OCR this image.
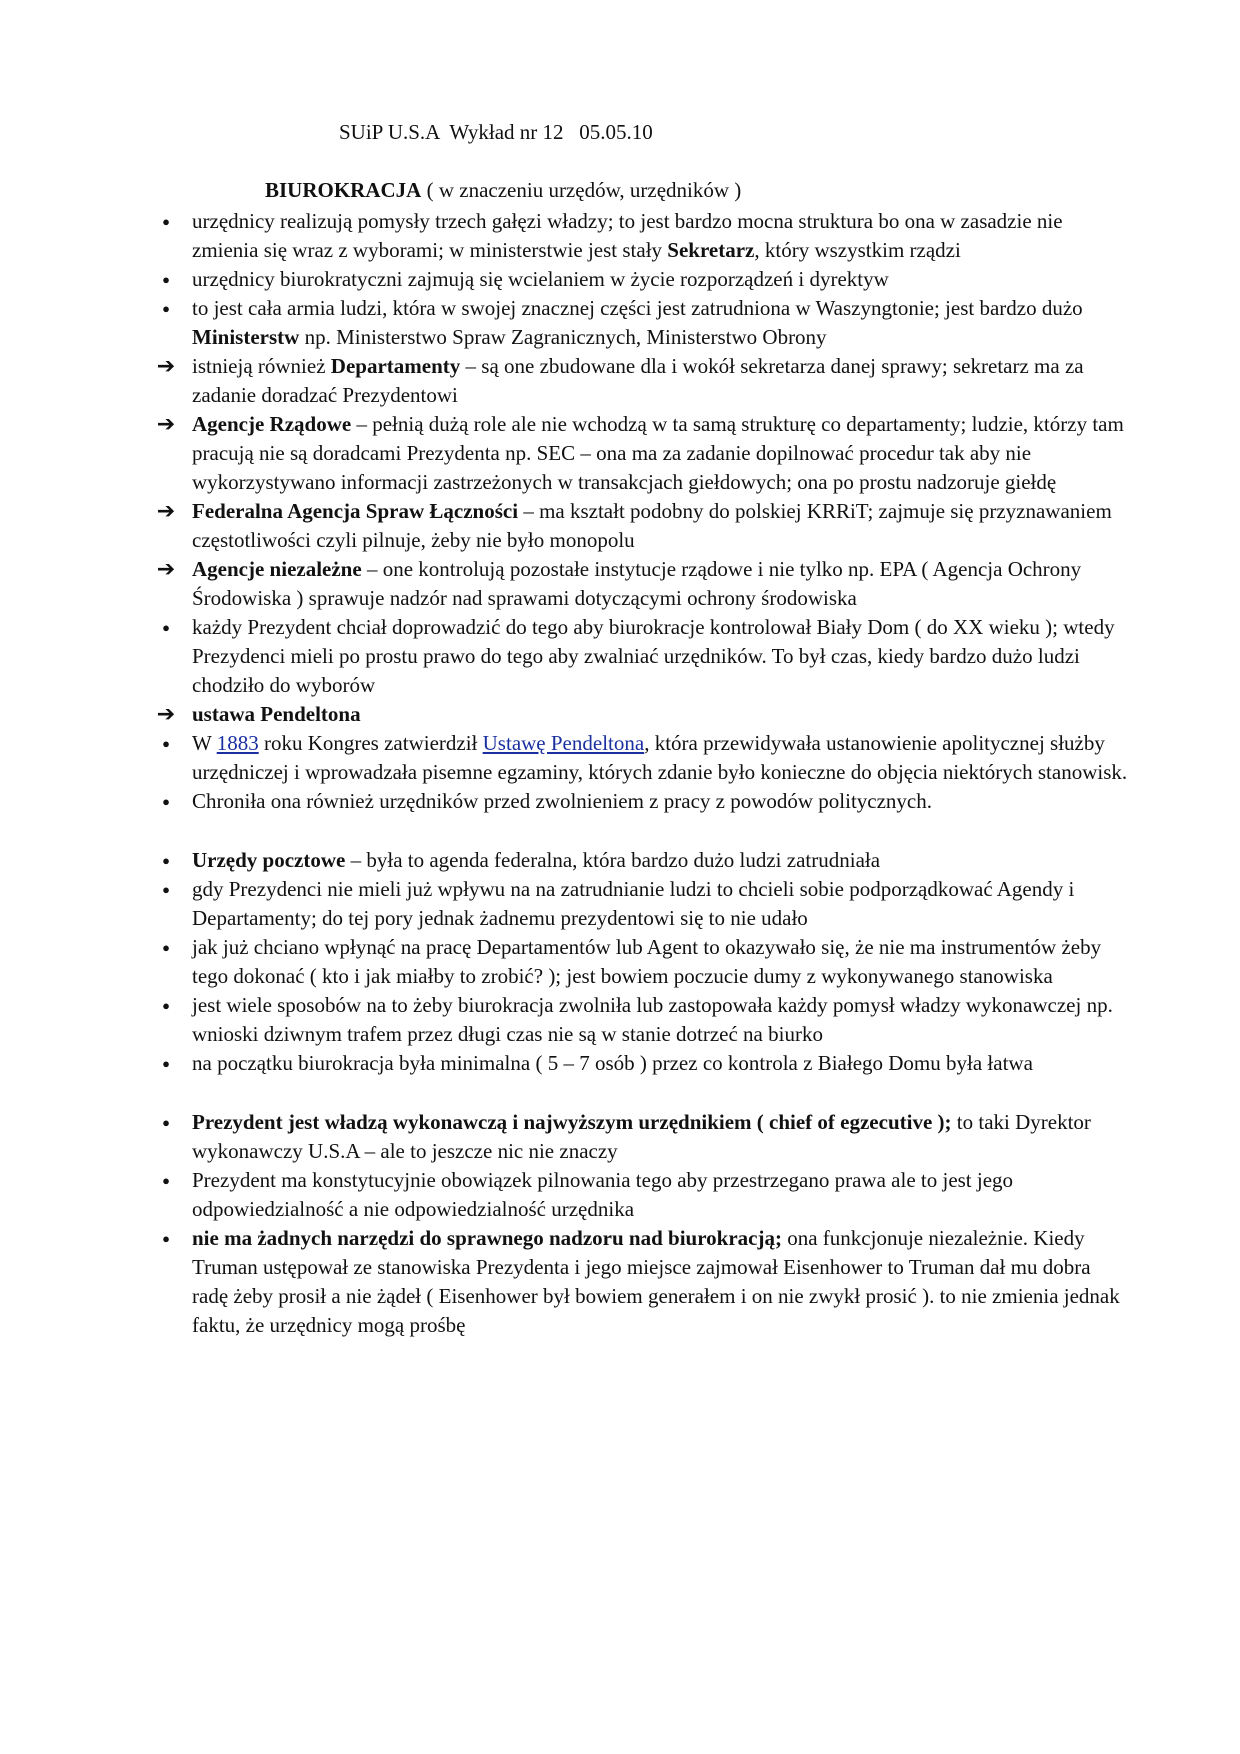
SUiP U.S.A Wykład nr 12 05.05.10
BIUROKRACJA ( w znaczeniu urzędów, urzędników )
●
urzędnicy realizują pomysły trzech gałęzi władzy; to jest bardzo mocna struktura bo ona w zasadzie nie zmienia się wraz z wyborami; w ministerstwie jest stały Sekretarz, który wszystkim rządzi
●
urzędnicy biurokratyczni zajmują się wcielaniem w życie rozporządzeń i dyrektyw
●
to jest cała armia ludzi, która w swojej znacznej części jest zatrudniona w Waszyngtonie; jest bardzo dużo Ministerstw np. Ministerstwo Spraw Zagranicznych, Ministerstwo Obrony
➔
istnieją również Departamenty – są one zbudowane dla i wokół sekretarza danej sprawy; sekretarz ma za zadanie doradzać Prezydentowi
➔
Agencje Rządowe – pełnią dużą role ale nie wchodzą w ta samą strukturę co departamenty; ludzie, którzy tam pracują nie są doradcami Prezydenta np. SEC – ona ma za zadanie dopilnować procedur tak aby nie wykorzystywano informacji zastrzeżonych w transakcjach giełdowych; ona po prostu nadzoruje giełdę
➔
Federalna Agencja Spraw Łączności – ma kształt podobny do polskiej KRRiT; zajmuje się przyznawaniem częstotliwości czyli pilnuje, żeby nie było monopolu
➔
Agencje niezależne – one kontrolują pozostałe instytucje rządowe i nie tylko np. EPA ( Agencja Ochrony Środowiska ) sprawuje nadzór nad sprawami dotyczącymi ochrony środowiska
●
każdy Prezydent chciał doprowadzić do tego aby biurokracje kontrolował Biały Dom ( do XX wieku ); wtedy Prezydenci mieli po prostu prawo do tego aby zwalniać urzędników. To był czas, kiedy bardzo dużo ludzi chodziło do wyborów
➔
ustawa Pendeltona
●
W 1883 roku Kongres zatwierdził Ustawę Pendeltona, która przewidywała ustanowienie apolitycznej służby urzędniczej i wprowadzała pisemne egzaminy, których zdanie było konieczne do objęcia niektórych stanowisk.
●
Chroniła ona również urzędników przed zwolnieniem z pracy z powodów politycznych.
●
Urzędy pocztowe – była to agenda federalna, która bardzo dużo ludzi zatrudniała
●
gdy Prezydenci nie mieli już wpływu na na zatrudnianie ludzi to chcieli sobie podporządkować Agendy i Departamenty; do tej pory jednak żadnemu prezydentowi się to nie udało
●
jak już chciano wpłynąć na pracę Departamentów lub Agent to okazywało się, że nie ma instrumentów żeby tego dokonać ( kto i jak miałby to zrobić? ); jest bowiem poczucie dumy z wykonywanego stanowiska
●
jest wiele sposobów na to żeby biurokracja zwolniła lub zastopowała każdy pomysł władzy wykonawczej np. wnioski dziwnym trafem przez długi czas nie są w stanie dotrzeć na biurko
●
na początku biurokracja była minimalna ( 5 – 7 osób ) przez co kontrola z Białego Domu była łatwa
●
Prezydent jest władzą wykonawczą i najwyższym urzędnikiem ( chief of egzecutive ); to taki Dyrektor wykonawczy U.S.A – ale to jeszcze nic nie znaczy
●
Prezydent ma konstytucyjnie obowiązek pilnowania tego aby przestrzegano prawa ale to jest jego odpowiedzialność a nie odpowiedzialność urzędnika
●
nie ma żadnych narzędzi do sprawnego nadzoru nad biurokracją; ona funkcjonuje niezależnie. Kiedy Truman ustępował ze stanowiska Prezydenta i jego miejsce zajmował Eisenhower to Truman dał mu dobra radę żeby prosił a nie żądeł ( Eisenhower był bowiem generałem i on nie zwykł prosić ). to nie zmienia jednak faktu, że urzędnicy mogą prośbę
